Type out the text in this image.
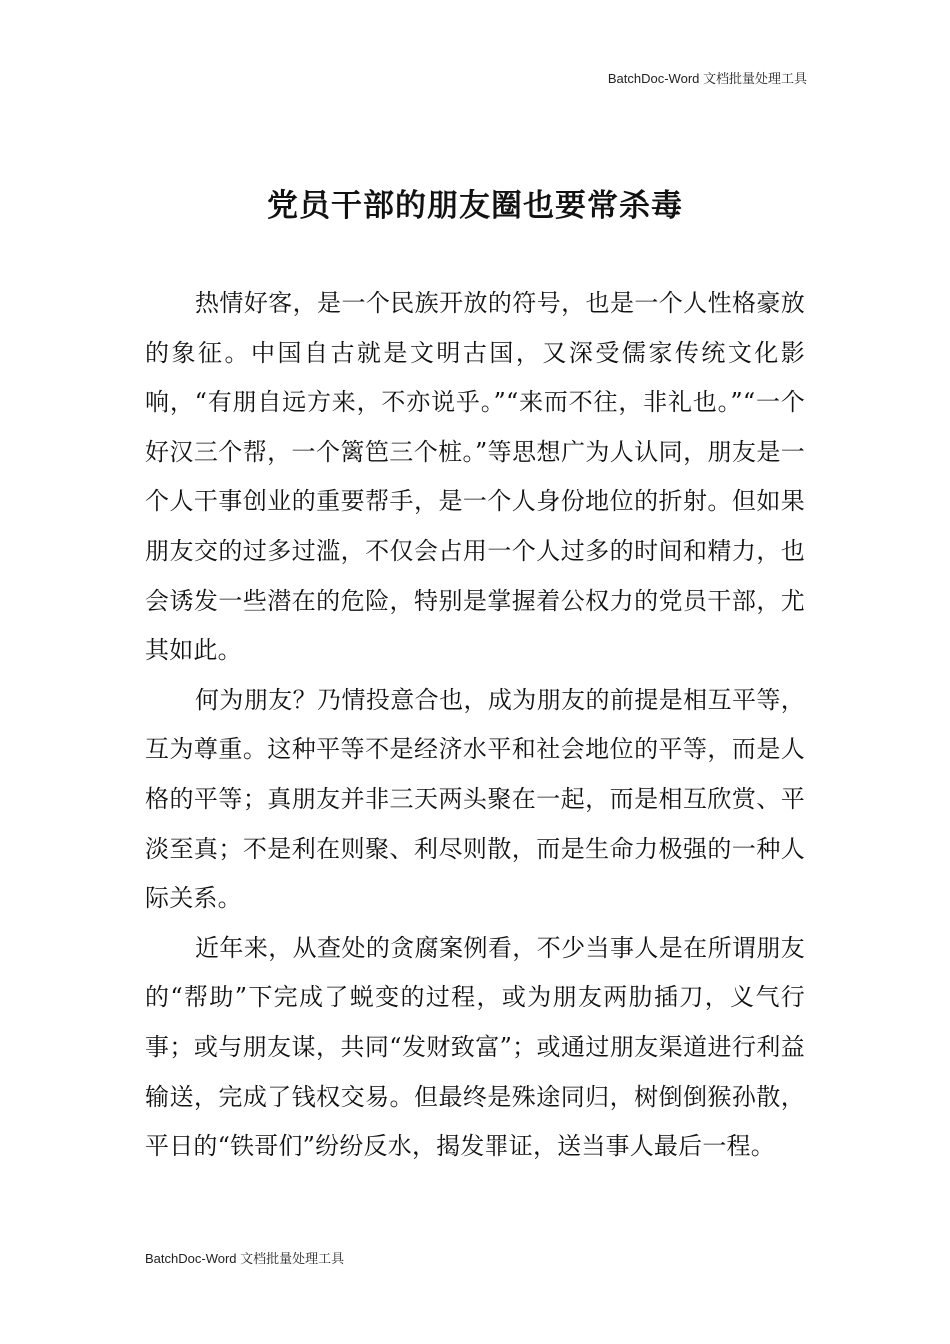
BatchDoc-Word 文档批量处理工具
党员干部的朋友圈也要常杀毒

热情好客，是一个民族开放的符号，也是一个人性格豪放的象征。中国自古就是文明古国，又深受儒家传统文化影响，“有朋自远方来，不亦说乎。”“来而不往，非礼也。”“一个好汉三个帮，一个篱笆三个桩。”等思想广为人认同，朋友是一个人干事创业的重要帮手，是一个人身份地位的折射。但如果朋友交的过多过滥，不仅会占用一个人过多的时间和精力，也会诱发一些潜在的危险，特别是掌握着公权力的党员干部，尤其如此。

何为朋友？乃情投意合也，成为朋友的前提是相互平等，互为尊重。这种平等不是经济水平和社会地位的平等，而是人格的平等；真朋友并非三天两头聚在一起，而是相互欣赏、平淡至真；不是利在则聚、利尽则散，而是生命力极强的一种人际关系。

近年来，从查处的贪腐案例看，不少当事人是在所谓朋友的“帮助”下完成了蜕变的过程，或为朋友两肋插刀，义气行事；或与朋友谋，共同“发财致富”；或通过朋友渠道进行利益输送，完成了钱权交易。但最终是殊途同归，树倒倒猴孙散，平日的“铁哥们”纷纷反水，揭发罪证，送当事人最后一程。

BatchDoc-Word 文档批量处理工具
